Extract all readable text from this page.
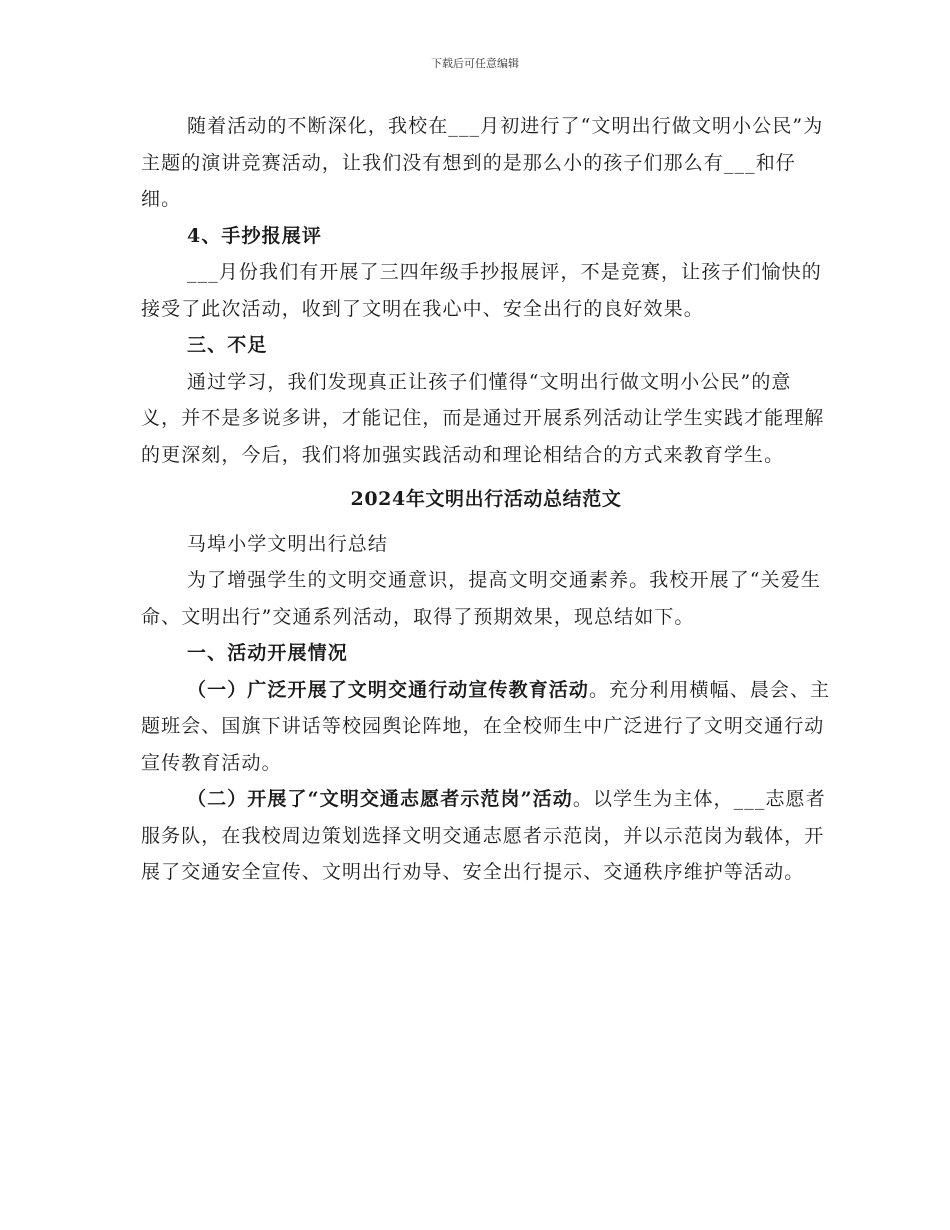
下载后可任意编辑

随着活动的不断深化，我校在___月初进行了“文明出行做文明小公民”为主题的演讲竞赛活动，让我们没有想到的是那么小的孩子们那么有___和仔细。

4、手抄报展评

___月份我们有开展了三四年级手抄报展评，不是竞赛，让孩子们愉快的接受了此次活动，收到了文明在我心中、安全出行的良好效果。

三、不足

通过学习，我们发现真正让孩子们懂得“文明出行做文明小公民”的意义，并不是多说多讲，才能记住，而是通过开展系列活动让学生实践才能理解的更深刻，今后，我们将加强实践活动和理论相结合的方式来教育学生。

2024年文明出行活动总结范文

马埠小学文明出行总结

为了增强学生的文明交通意识，提高文明交通素养。我校开展了“关爱生命、文明出行”交通系列活动，取得了预期效果，现总结如下。

一、活动开展情况

（一）广泛开展了文明交通行动宣传教育活动。充分利用横幅、晨会、主题班会、国旗下讲话等校园舆论阵地，在全校师生中广泛进行了文明交通行动宣传教育活动。

（二）开展了“文明交通志愿者示范岗”活动。以学生为主体，___志愿者服务队，在我校周边策划选择文明交通志愿者示范岗，并以示范岗为载体，开展了交通安全宣传、文明出行劝导、安全出行提示、交通秩序维护等活动。
